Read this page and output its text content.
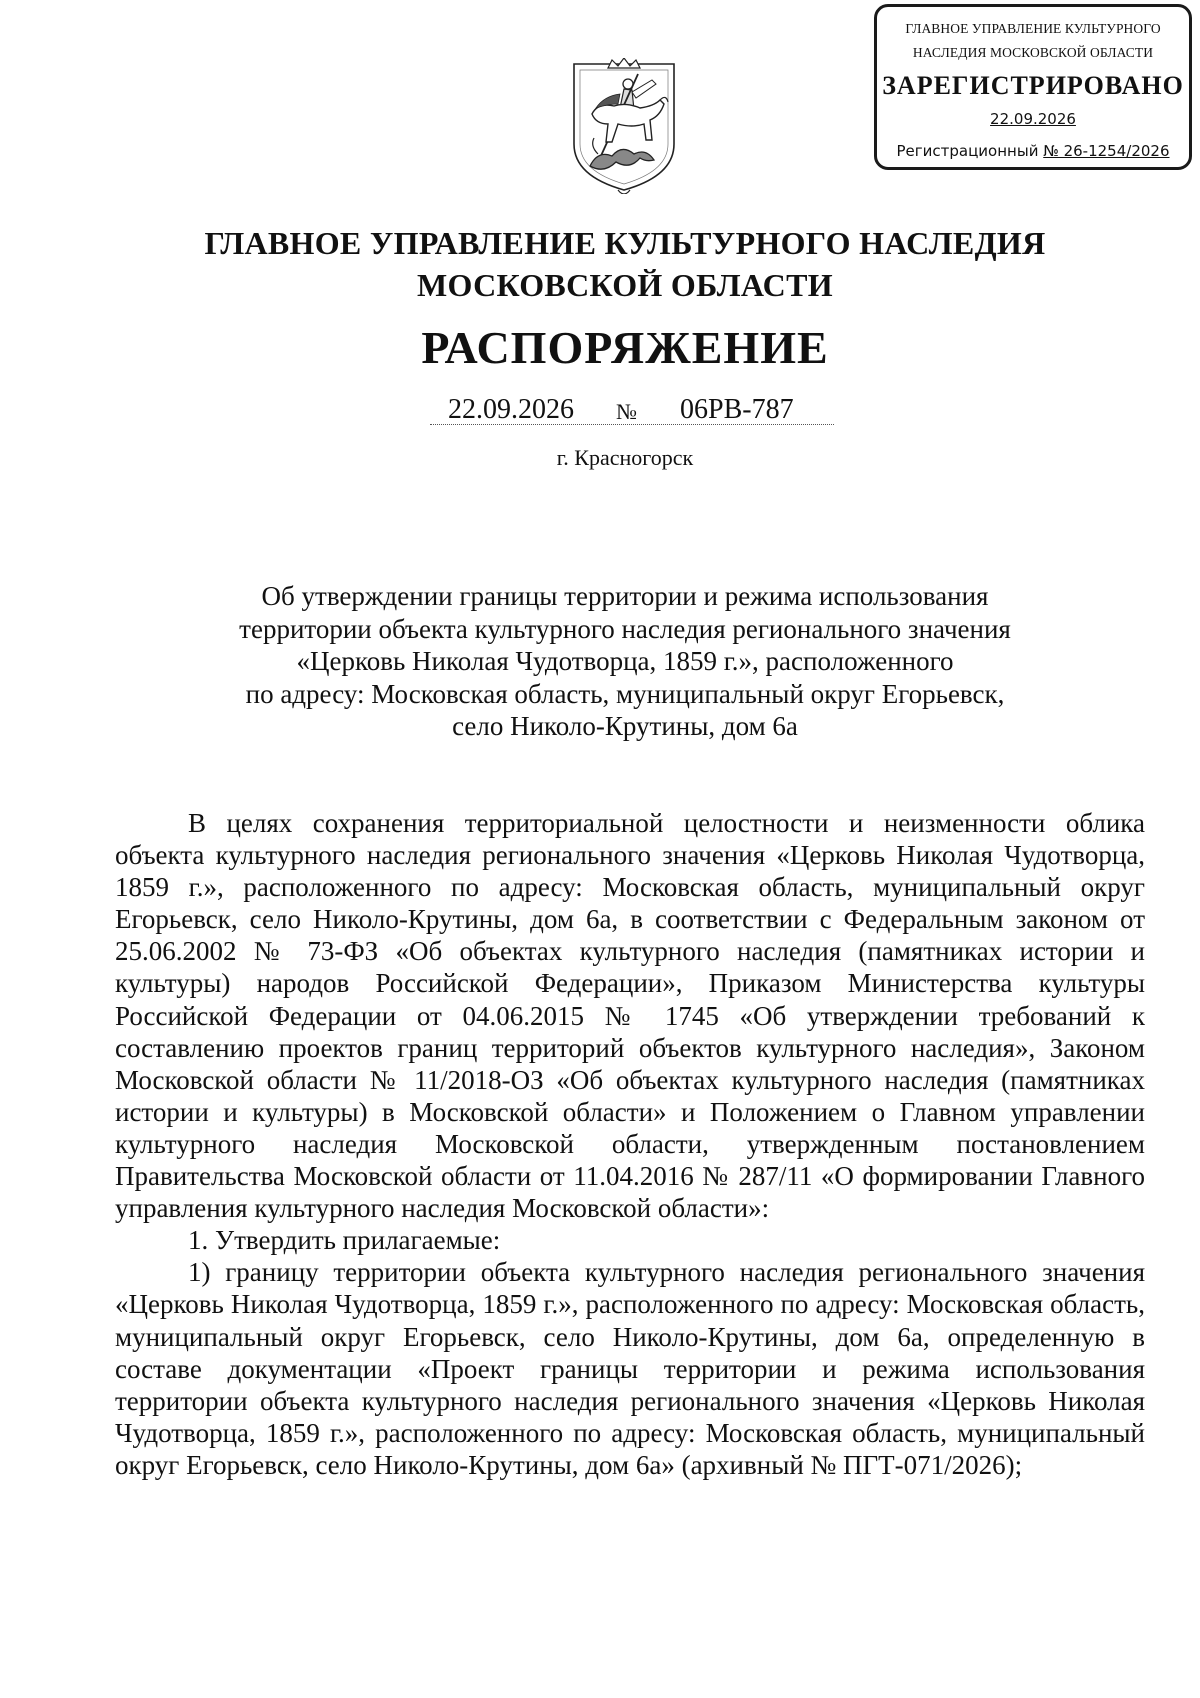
ГЛАВНОЕ УПРАВЛЕНИЕ КУЛЬТУРНОГО
НАСЛЕДИЯ МОСКОВСКОЙ ОБЛАСТИ
ЗАРЕГИСТРИРОВАНО
22.09.2026
Регистрационный № 26-1254/2026
ГЛАВНОЕ УПРАВЛЕНИЕ КУЛЬТУРНОГО НАСЛЕДИЯ
МОСКОВСКОЙ ОБЛАСТИ
РАСПОРЯЖЕНИЕ
22.09.2026 № 06РВ-787
г. Красногорск
Об утверждении границы территории и режима использования
территории объекта культурного наследия регионального значения
«Церковь Николая Чудотворца, 1859 г.», расположенного
по адресу: Московская область, муниципальный округ Егорьевск,
село Николо-Крутины, дом 6а

В целях сохранения территориальной целостности и неизменности облика объекта культурного наследия регионального значения «Церковь Николая Чудотворца, 1859 г.», расположенного по адресу: Московская область, муниципальный округ Егорьевск, село Николо-Крутины, дом 6а, в соответствии с Федеральным законом от 25.06.2002 № 73-ФЗ «Об объектах культурного наследия (памятниках истории и культуры) народов Российской Федерации», Приказом Министерства культуры Российской Федерации от 04.06.2015 № 1745 «Об утверждении требований к составлению проектов границ территорий объектов культурного наследия», Законом Московской области № 11/2018-ОЗ «Об объектах культурного наследия (памятниках истории и культуры) в Московской области» и Положением о Главном управлении культурного наследия Московской области, утвержденным постановлением Правительства Московской области от 11.04.2016 № 287/11 «О формировании Главного управления культурного наследия Московской области»:

1. Утвердить прилагаемые:

1) границу территории объекта культурного наследия регионального значения «Церковь Николая Чудотворца, 1859 г.», расположенного по адресу: Московская область, муниципальный округ Егорьевск, село Николо-Крутины, дом 6а, определенную в составе документации «Проект границы территории и режима использования территории объекта культурного наследия регионального значения «Церковь Николая Чудотворца, 1859 г.», расположенного по адресу: Московская область, муниципальный округ Егорьевск, село Николо-Крутины, дом 6а» (архивный № ПГТ-071/2026);
